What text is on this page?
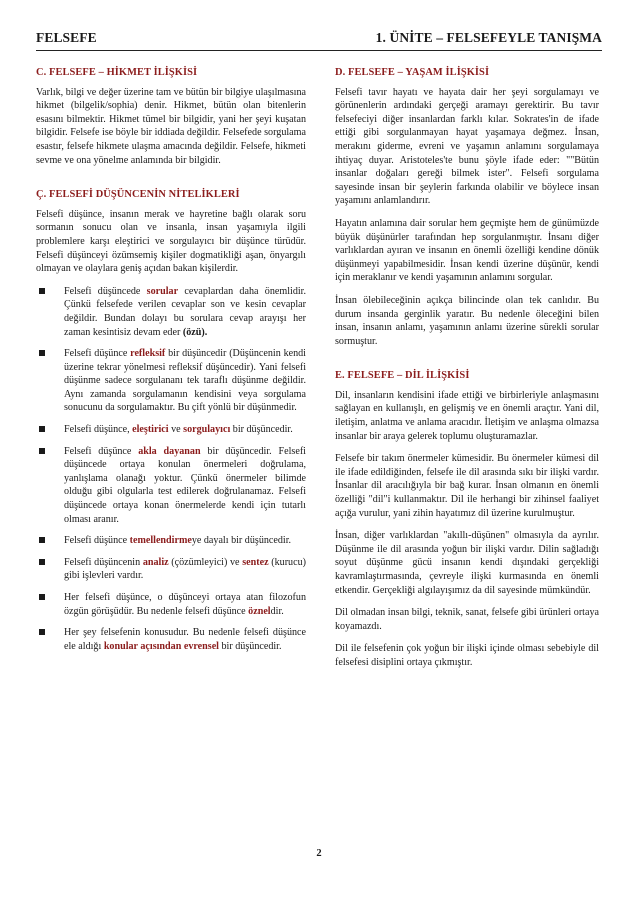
FELSEFE	1. ÜNİTE – FELSEFEYLE TANIŞMA
C. FELSEFE – HİKMET İLİŞKİSİ

Varlık, bilgi ve değer üzerine tam ve bütün bir bilgiye ulaşılmasına hikmet (bilgelik/sophia) denir. Hikmet, bütün olan bitenlerin esasını bilmektir. Hikmet tümel bir bilgidir, yani her şeyi kuşatan bilgidir. Felsefe ise böyle bir iddiada değildir. Felsefede sorgulama esastır, felsefe hikmete ulaşma amacında değildir. Felsefe, hikmeti sevme ve ona yönelme anlamında bir bilgidir.

Ç. FELSEFİ DÜŞÜNCENİN NİTELİKLERİ

Felsefi düşünce, insanın merak ve hayretine bağlı olarak soru sormanın sonucu olan ve insanla, insan yaşamıyla ilgili problemlere karşı eleştirici ve sorgulayıcı bir düşünce türüdür. Felsefi düşünceyi özümsemiş kişiler dogmatikliği aşan, önyargılı olmayan ve olaylara geniş açıdan bakan kişilerdir.

Felsefi düşüncede sorular cevaplardan daha önemlidir. Çünkü felsefede verilen cevaplar son ve kesin cevaplar değildir. Bundan dolayı bu sorulara cevap arayışı her zaman kesintisiz devam eder (özü).
Felsefi düşünce refleksif bir düşüncedir (Düşüncenin kendi üzerine tekrar yönelmesi refleksif düşüncedir). Yani felsefi düşünme sadece sorgulananı tek taraflı düşünme değildir. Aynı zamanda sorgulamanın kendisini veya sorgulama sonucunu da sorgulamaktır. Bu çift yönlü bir düşünmedir.
Felsefi düşünce, eleştirici ve sorgulayıcı bir düşüncedir.
Felsefi düşünce akla dayanan bir düşüncedir. Felsefi düşüncede ortaya konulan önermeleri doğrulama, yanlışlama olanağı yoktur. Çünkü önermeler bilimde olduğu gibi olgularla test edilerek doğrulanamaz. Felsefi düşüncede ortaya konan önermelerde kendi için tutarlı olması aranır.
Felsefi düşünce temellendirmeye dayalı bir düşüncedir.
Felsefi düşüncenin analiz (çözümleyici) ve sentez (kurucu) gibi işlevleri vardır.
Her felsefi düşünce, o düşünceyi ortaya atan filozofun özgün görüşüdür. Bu nedenle felsefi düşünce özneldir.
Her şey felsefenin konusudur. Bu nedenle felsefi düşünce ele aldığı konular açısından evrensel bir düşüncedir.
D. FELSEFE – YAŞAM İLİŞKİSİ

Felsefi tavır hayatı ve hayata dair her şeyi sorgulamayı ve görünenlerin ardındaki gerçeği aramayı gerektirir. Bu tavır felsefeciyi diğer insanlardan farklı kılar. Sokrates'in de ifade ettiği gibi sorgulanmayan hayat yaşamaya değmez. İnsan, merakını giderme, evreni ve yaşamın anlamını sorgulamaya ihtiyaç duyar. Aristoteles'te bunu şöyle ifade eder: ""Bütün insanlar doğaları gereği bilmek ister". Felsefi sorgulama sayesinde insan bir şeylerin farkında olabilir ve böylece insan yaşamını anlamlandırır.

Hayatın anlamına dair sorular hem geçmişte hem de günümüzde büyük düşünürler tarafından hep sorgulanmıştır. İnsanı diğer varlıklardan ayıran ve insanın en önemli özelliği kendine dönük düşünmeyi yapabilmesidir. İnsan kendi üzerine düşünür, kendi için meraklanır ve kendi yaşamının anlamını sorgular.

İnsan ölebileceğinin açıkça bilincinde olan tek canlıdır. Bu durum insanda gerginlik yaratır. Bu nedenle öleceğini bilen insan, insanın anlamı, yaşamının anlamı üzerine sürekli sorular sormuştur.

E. FELSEFE – DİL İLİŞKİSİ

Dil, insanların kendisini ifade ettiği ve birbirleriyle anlaşmasını sağlayan en kullanışlı, en gelişmiş ve en önemli araçtır. Yani dil, iletişim, anlatma ve anlama aracıdır. İletişim ve anlaşma olmazsa insanlar bir araya gelerek toplumu oluşturamazlar.

Felsefe bir takım önermeler kümesidir. Bu önermeler kümesi dil ile ifade edildiğinden, felsefe ile dil arasında sıkı bir ilişki vardır. İnsanlar dil aracılığıyla bir bağ kurar. İnsan olmanın en önemli özelliği "dil"i kullanmaktır. Dil ile herhangi bir zihinsel faaliyet açığa vurulur, yani zihin hayatımız dil üzerine kurulmuştur.

İnsan, diğer varlıklardan "akıllı-düşünen" olmasıyla da ayrılır. Düşünme ile dil arasında yoğun bir ilişki vardır. Dilin sağladığı soyut düşünme gücü insanın kendi dışındaki gerçekliği kavramlaştırmasında, çevreyle ilişki kurmasında en önemli etkendir. Gerçekliği algılayışımız da dil sayesinde mümkündür.

Dil olmadan insan bilgi, teknik, sanat, felsefe gibi ürünleri ortaya koyamazdı.

Dil ile felsefenin çok yoğun bir ilişki içinde olması sebebiyle dil felsefesi disiplini ortaya çıkmıştır.

2
